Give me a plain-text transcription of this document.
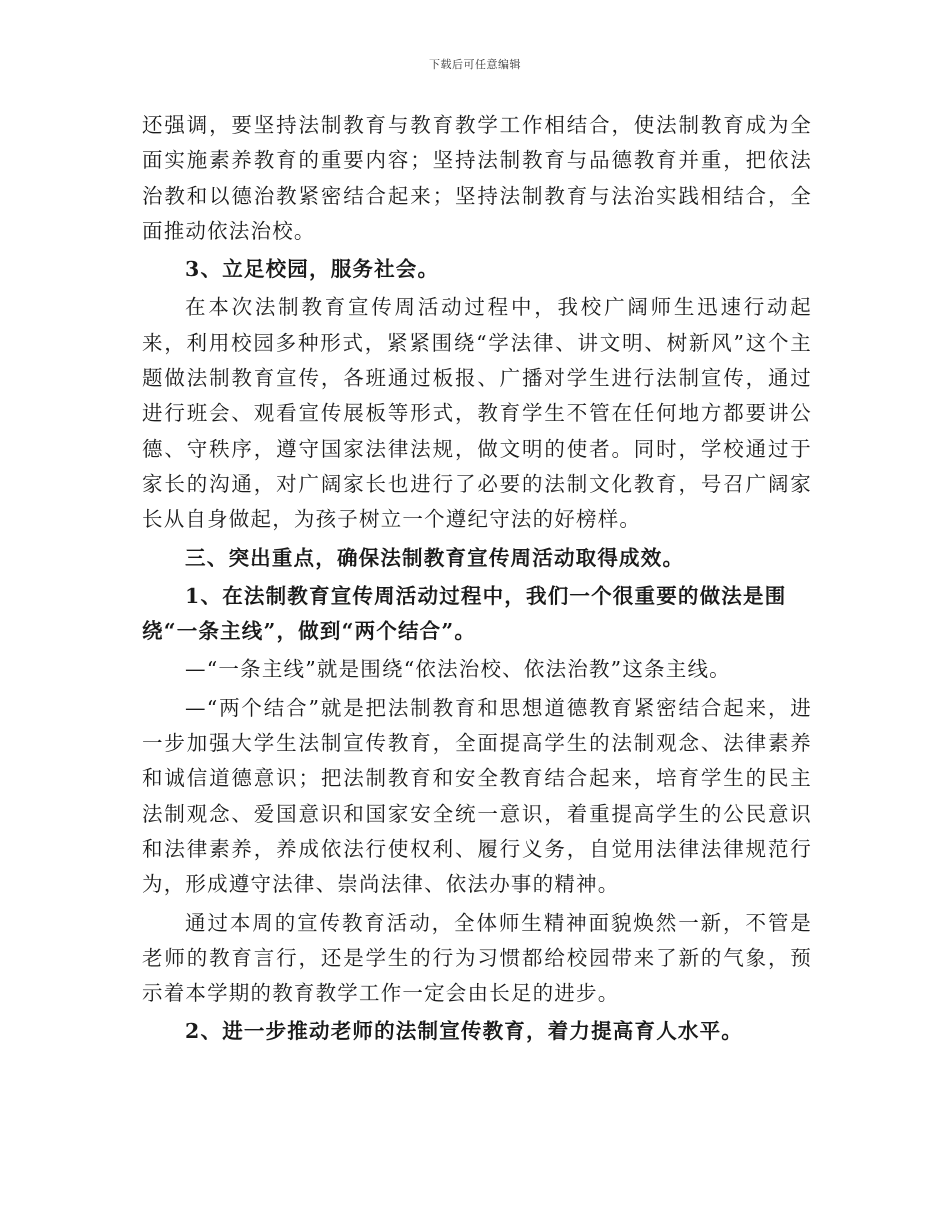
下载后可任意编辑

还强调，要坚持法制教育与教育教学工作相结合，使法制教育成为全面实施素养教育的重要内容；坚持法制教育与品德教育并重，把依法治教和以德治教紧密结合起来；坚持法制教育与法治实践相结合，全面推动依法治校。

3、立足校园，服务社会。

在本次法制教育宣传周活动过程中，我校广阔师生迅速行动起来，利用校园多种形式，紧紧围绕“学法律、讲文明、树新风”这个主题做法制教育宣传，各班通过板报、广播对学生进行法制宣传，通过进行班会、观看宣传展板等形式，教育学生不管在任何地方都要讲公德、守秩序，遵守国家法律法规，做文明的使者。同时，学校通过于家长的沟通，对广阔家长也进行了必要的法制文化教育，号召广阔家长从自身做起，为孩子树立一个遵纪守法的好榜样。

三、突出重点，确保法制教育宣传周活动取得成效。

1、在法制教育宣传周活动过程中，我们一个很重要的做法是围绕“一条主线”，做到“两个结合”。

—“一条主线”就是围绕“依法治校、依法治教”这条主线。

—“两个结合”就是把法制教育和思想道德教育紧密结合起来，进一步加强大学生法制宣传教育，全面提高学生的法制观念、法律素养和诚信道德意识；把法制教育和安全教育结合起来，培育学生的民主法制观念、爱国意识和国家安全统一意识，着重提高学生的公民意识和法律素养，养成依法行使权利、履行义务，自觉用法律法律规范行为，形成遵守法律、崇尚法律、依法办事的精神。

通过本周的宣传教育活动，全体师生精神面貌焕然一新，不管是老师的教育言行，还是学生的行为习惯都给校园带来了新的气象，预示着本学期的教育教学工作一定会由长足的进步。

2、进一步推动老师的法制宣传教育，着力提高育人水平。
